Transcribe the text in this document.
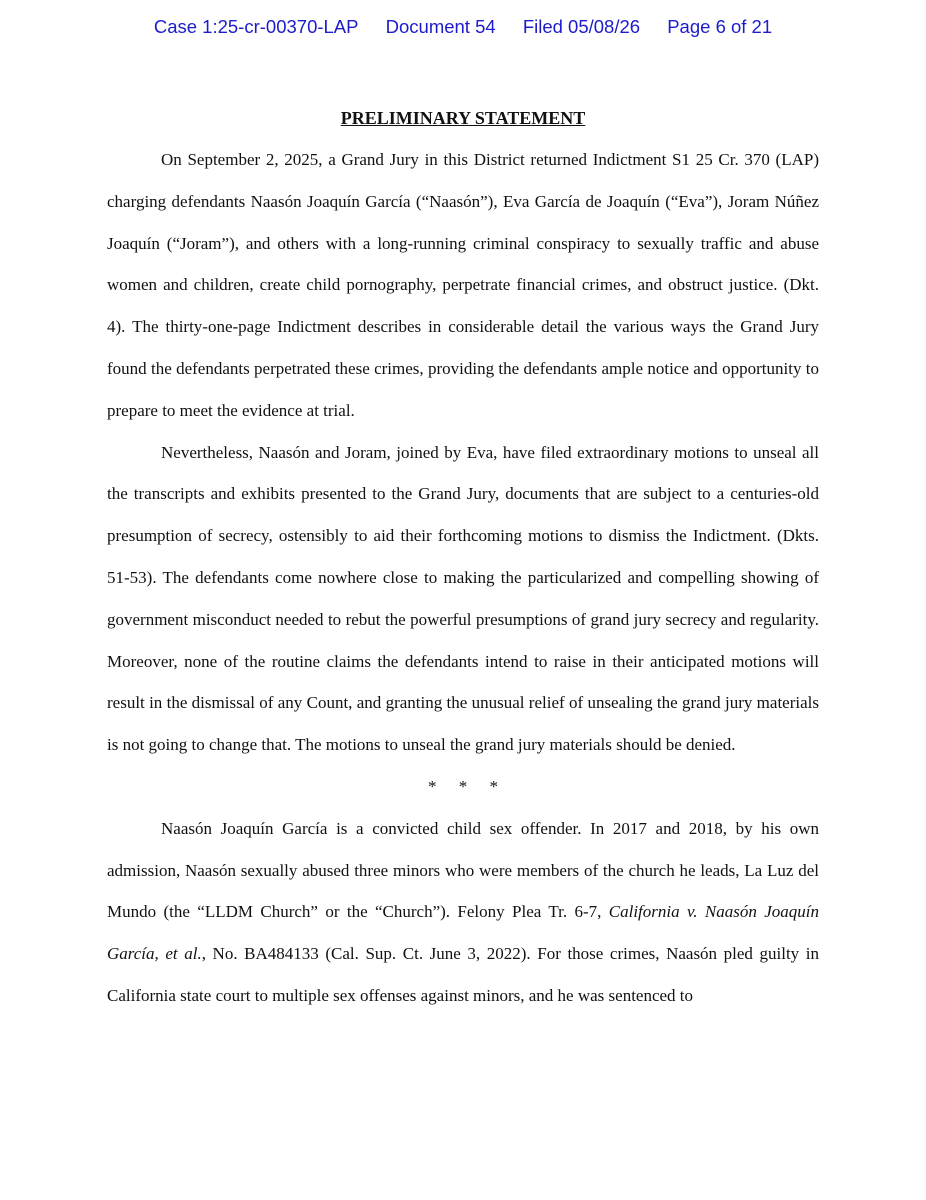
Case 1:25-cr-00370-LAP Document 54 Filed 05/08/26 Page 6 of 21
PRELIMINARY STATEMENT

On September 2, 2025, a Grand Jury in this District returned Indictment S1 25 Cr. 370 (LAP) charging defendants Naasón Joaquín García (“Naasón”), Eva García de Joaquín (“Eva”), Joram Núñez Joaquín (“Joram”), and others with a long-running criminal conspiracy to sexually traffic and abuse women and children, create child pornography, perpetrate financial crimes, and obstruct justice. (Dkt. 4). The thirty-one-page Indictment describes in considerable detail the various ways the Grand Jury found the defendants perpetrated these crimes, providing the defendants ample notice and opportunity to prepare to meet the evidence at trial.

Nevertheless, Naasón and Joram, joined by Eva, have filed extraordinary motions to unseal all the transcripts and exhibits presented to the Grand Jury, documents that are subject to a centuries-old presumption of secrecy, ostensibly to aid their forthcoming motions to dismiss the Indictment. (Dkts. 51-53). The defendants come nowhere close to making the particularized and compelling showing of government misconduct needed to rebut the powerful presumptions of grand jury secrecy and regularity. Moreover, none of the routine claims the defendants intend to raise in their anticipated motions will result in the dismissal of any Count, and granting the unusual relief of unsealing the grand jury materials is not going to change that. The motions to unseal the grand jury materials should be denied.

* * *

Naasón Joaquín García is a convicted child sex offender. In 2017 and 2018, by his own admission, Naasón sexually abused three minors who were members of the church he leads, La Luz del Mundo (the “LLDM Church” or the “Church”). Felony Plea Tr. 6-7, California v. Naasón Joaquín García, et al., No. BA484133 (Cal. Sup. Ct. June 3, 2022). For those crimes, Naasón pled guilty in California state court to multiple sex offenses against minors, and he was sentenced to
